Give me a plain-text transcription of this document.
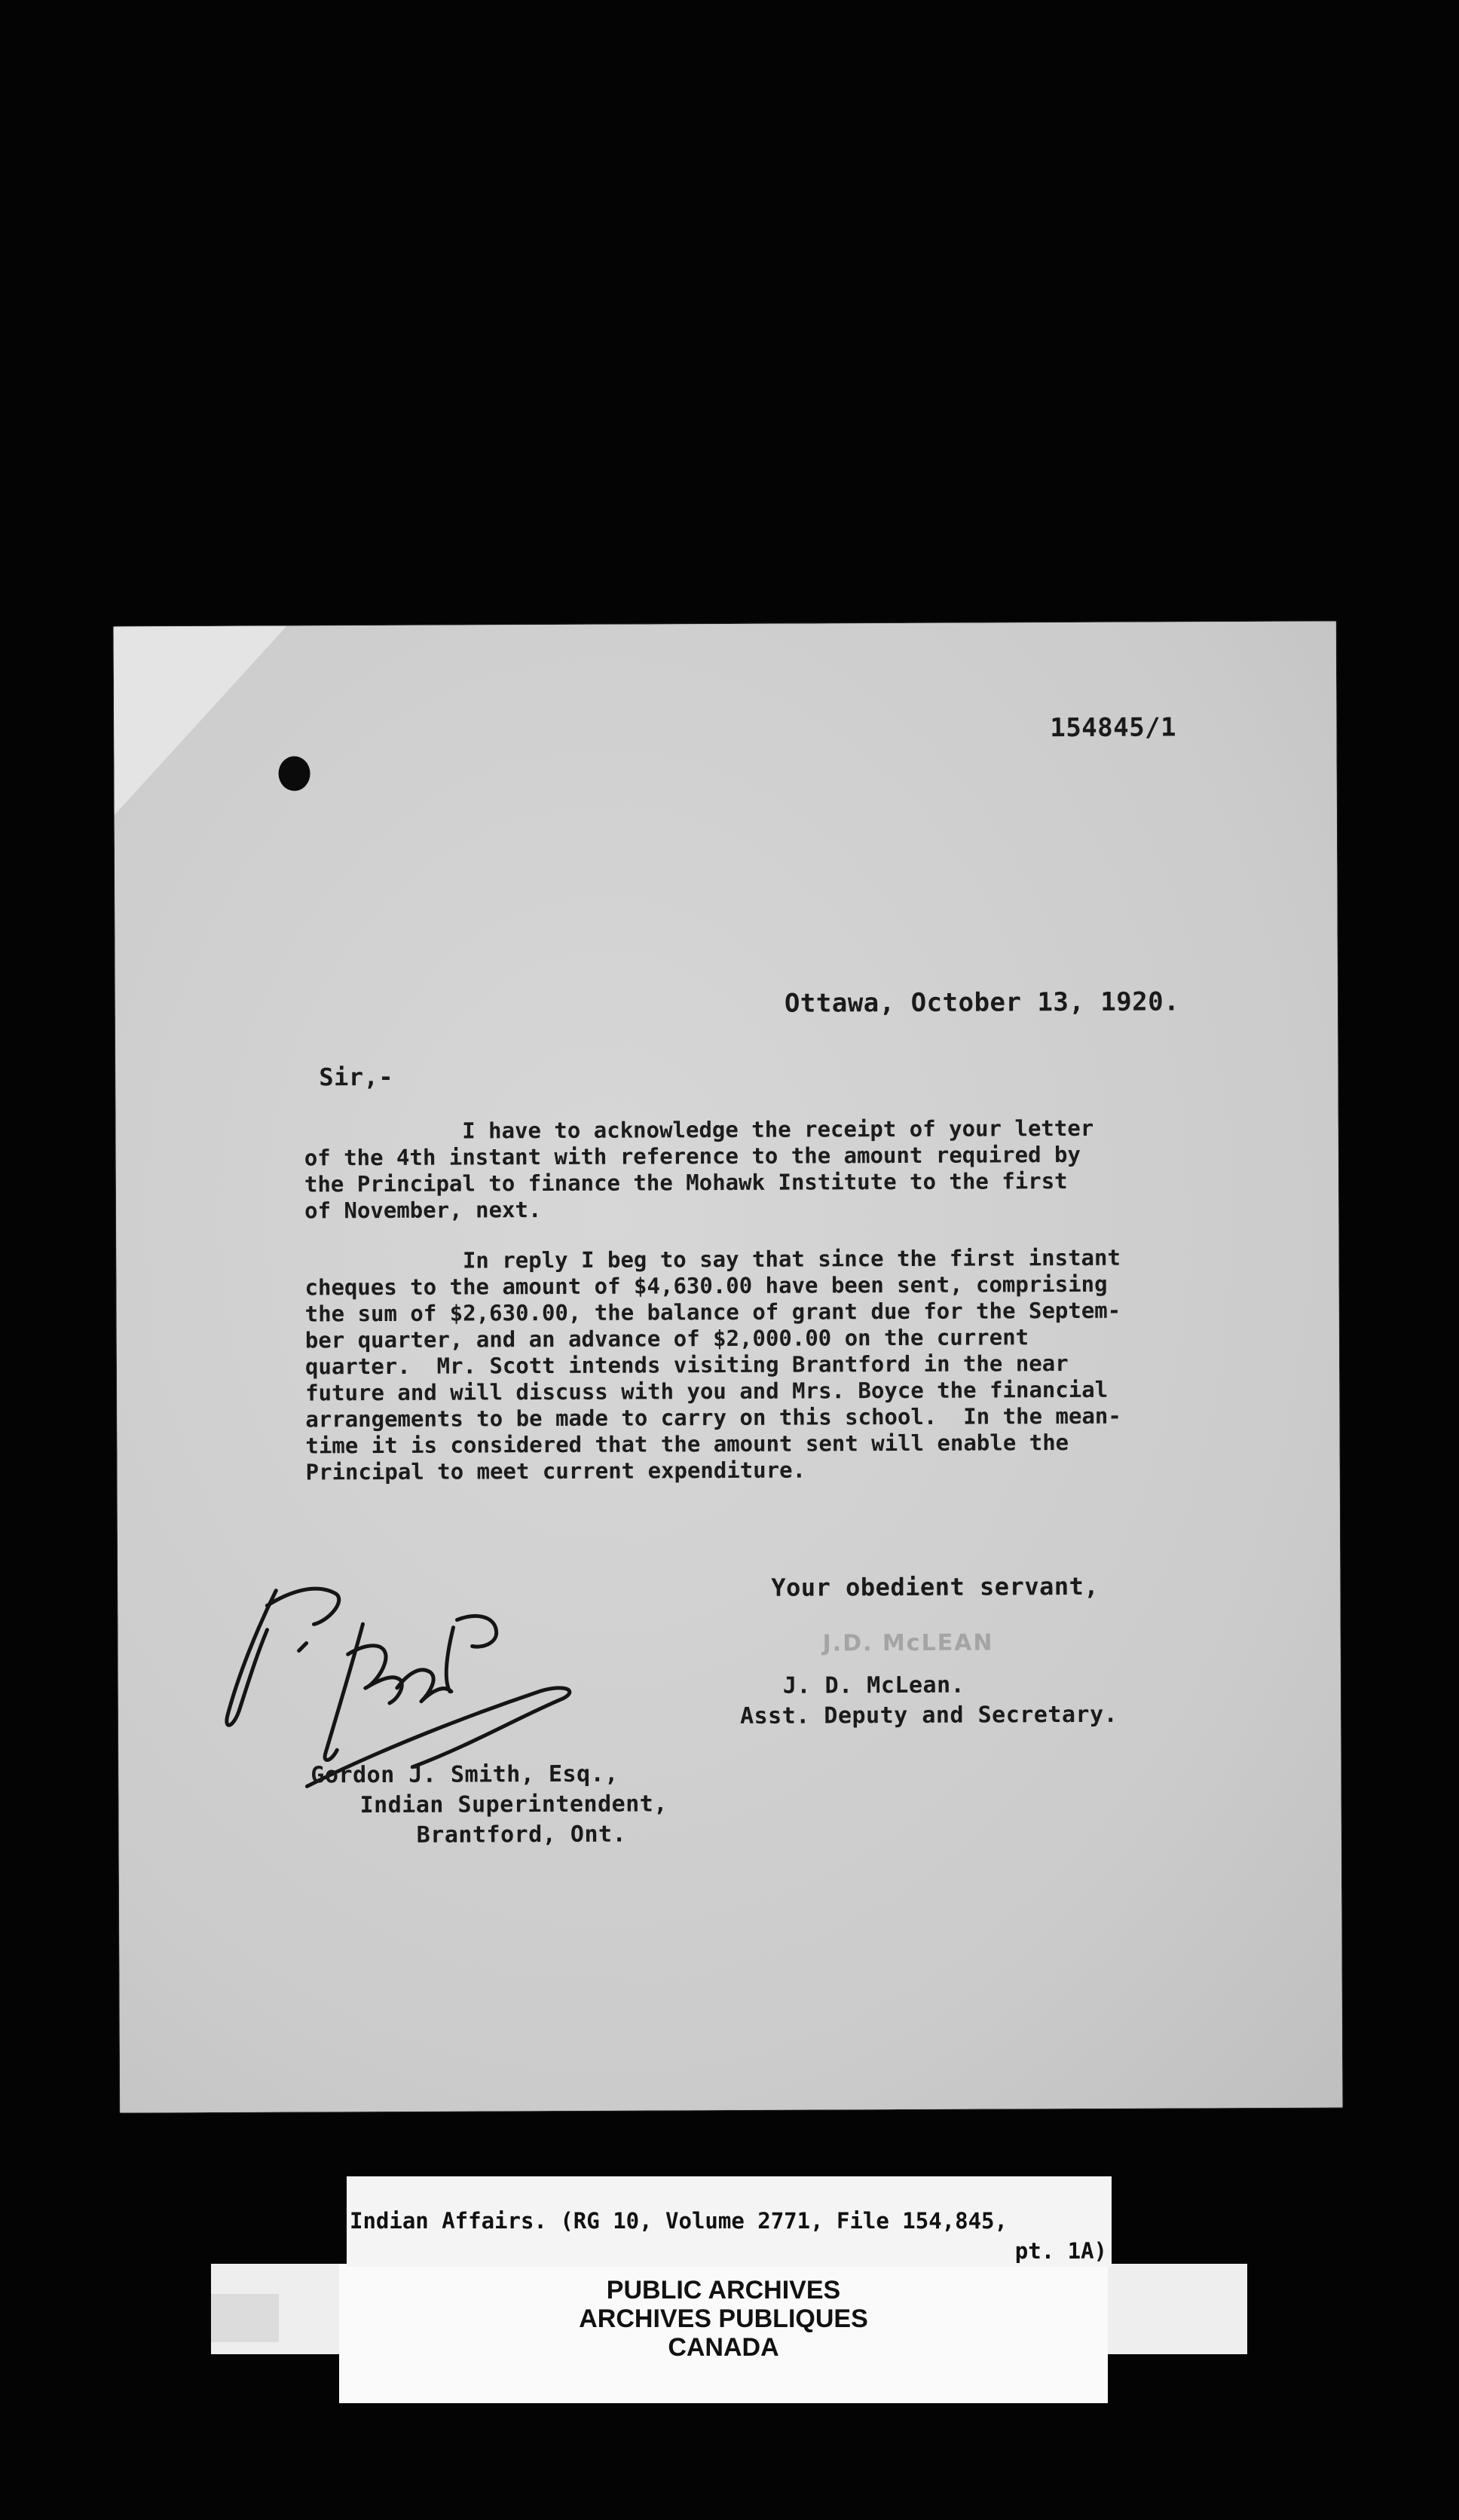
154845/1
Ottawa, October 13, 1920.
Sir,-

I have to acknowledge the receipt of your letter
of the 4th instant with reference to the amount required by
the Principal to finance the Mohawk Institute to the first
of November, next.

In reply I beg to say that since the first instant
cheques to the amount of $4,630.00 have been sent, comprising
the sum of $2,630.00, the balance of grant due for the Septem-
ber quarter, and an advance of $2,000.00 on the current
quarter.  Mr. Scott intends visiting Brantford in the near
future and will discuss with you and Mrs. Boyce the financial
arrangements to be made to carry on this school.  In the mean-
time it is considered that the amount sent will enable the
Principal to meet current expenditure.

Your obedient servant,
J.D. McLEAN
J. D. McLean.
Asst. Deputy and Secretary.
Gordon J. Smith, Esq.,
Indian Superintendent,
Brantford, Ont.
PUBLIC ARCHIVES
ARCHIVES PUBLIQUES
CANADA
Indian Affairs. (RG 10, Volume 2771, File 154,845,
pt. 1A)
